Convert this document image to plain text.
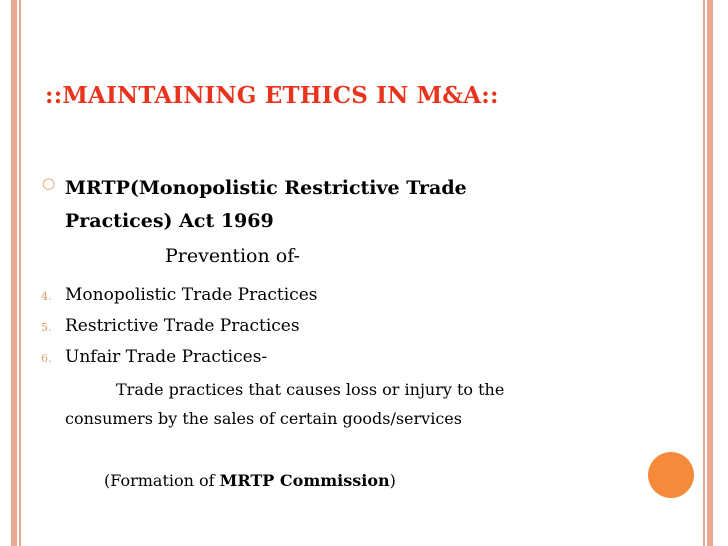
::MAINTAINING ETHICS IN M&A::
○ MRTP(Monopolistic Restrictive Trade
Practices) Act 1969
Prevention of-
4. Monopolistic Trade Practices
5. Restrictive Trade Practices
6. Unfair Trade Practices-
Trade practices that causes loss or injury to the
consumers by the sales of certain goods/services
(Formation of MRTP Commission)
